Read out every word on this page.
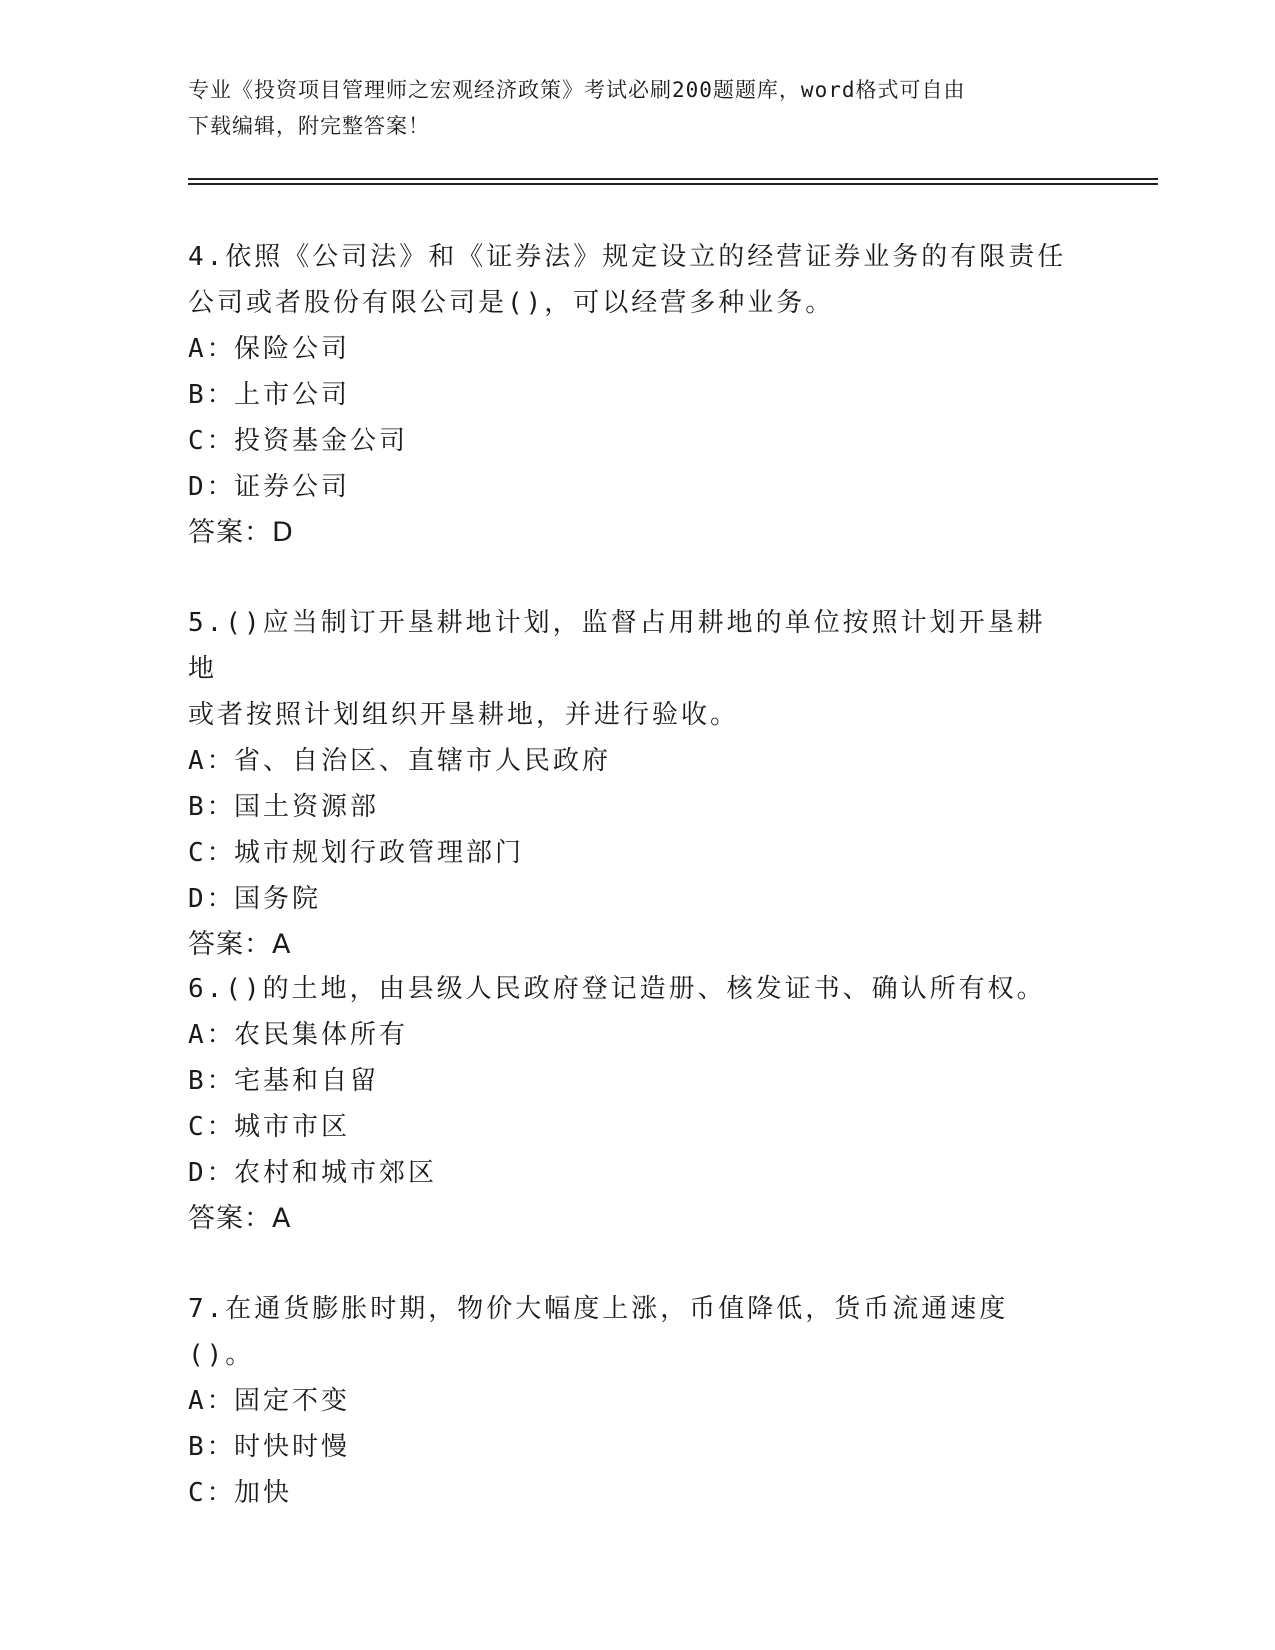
专业《投资项目管理师之宏观经济政策》考试必刷200题题库，word格式可自由
下载编辑，附完整答案！

4.依照《公司法》和《证券法》规定设立的经营证券业务的有限责任

公司或者股份有限公司是()，可以经营多种业务。

A：保险公司

B：上市公司

C：投资基金公司

D：证券公司

答案：D

5.()应当制订开垦耕地计划，监督占用耕地的单位按照计划开垦耕地

或者按照计划组织开垦耕地，并进行验收。

A：省、自治区、直辖市人民政府

B：国土资源部

C：城市规划行政管理部门

D：国务院

答案：A

6.()的土地，由县级人民政府登记造册、核发证书、确认所有权。

A：农民集体所有

B：宅基和自留

C：城市市区

D：农村和城市郊区

答案：A

7.在通货膨胀时期，物价大幅度上涨，币值降低，货币流通速度()。

A：固定不变

B：时快时慢

C：加快
